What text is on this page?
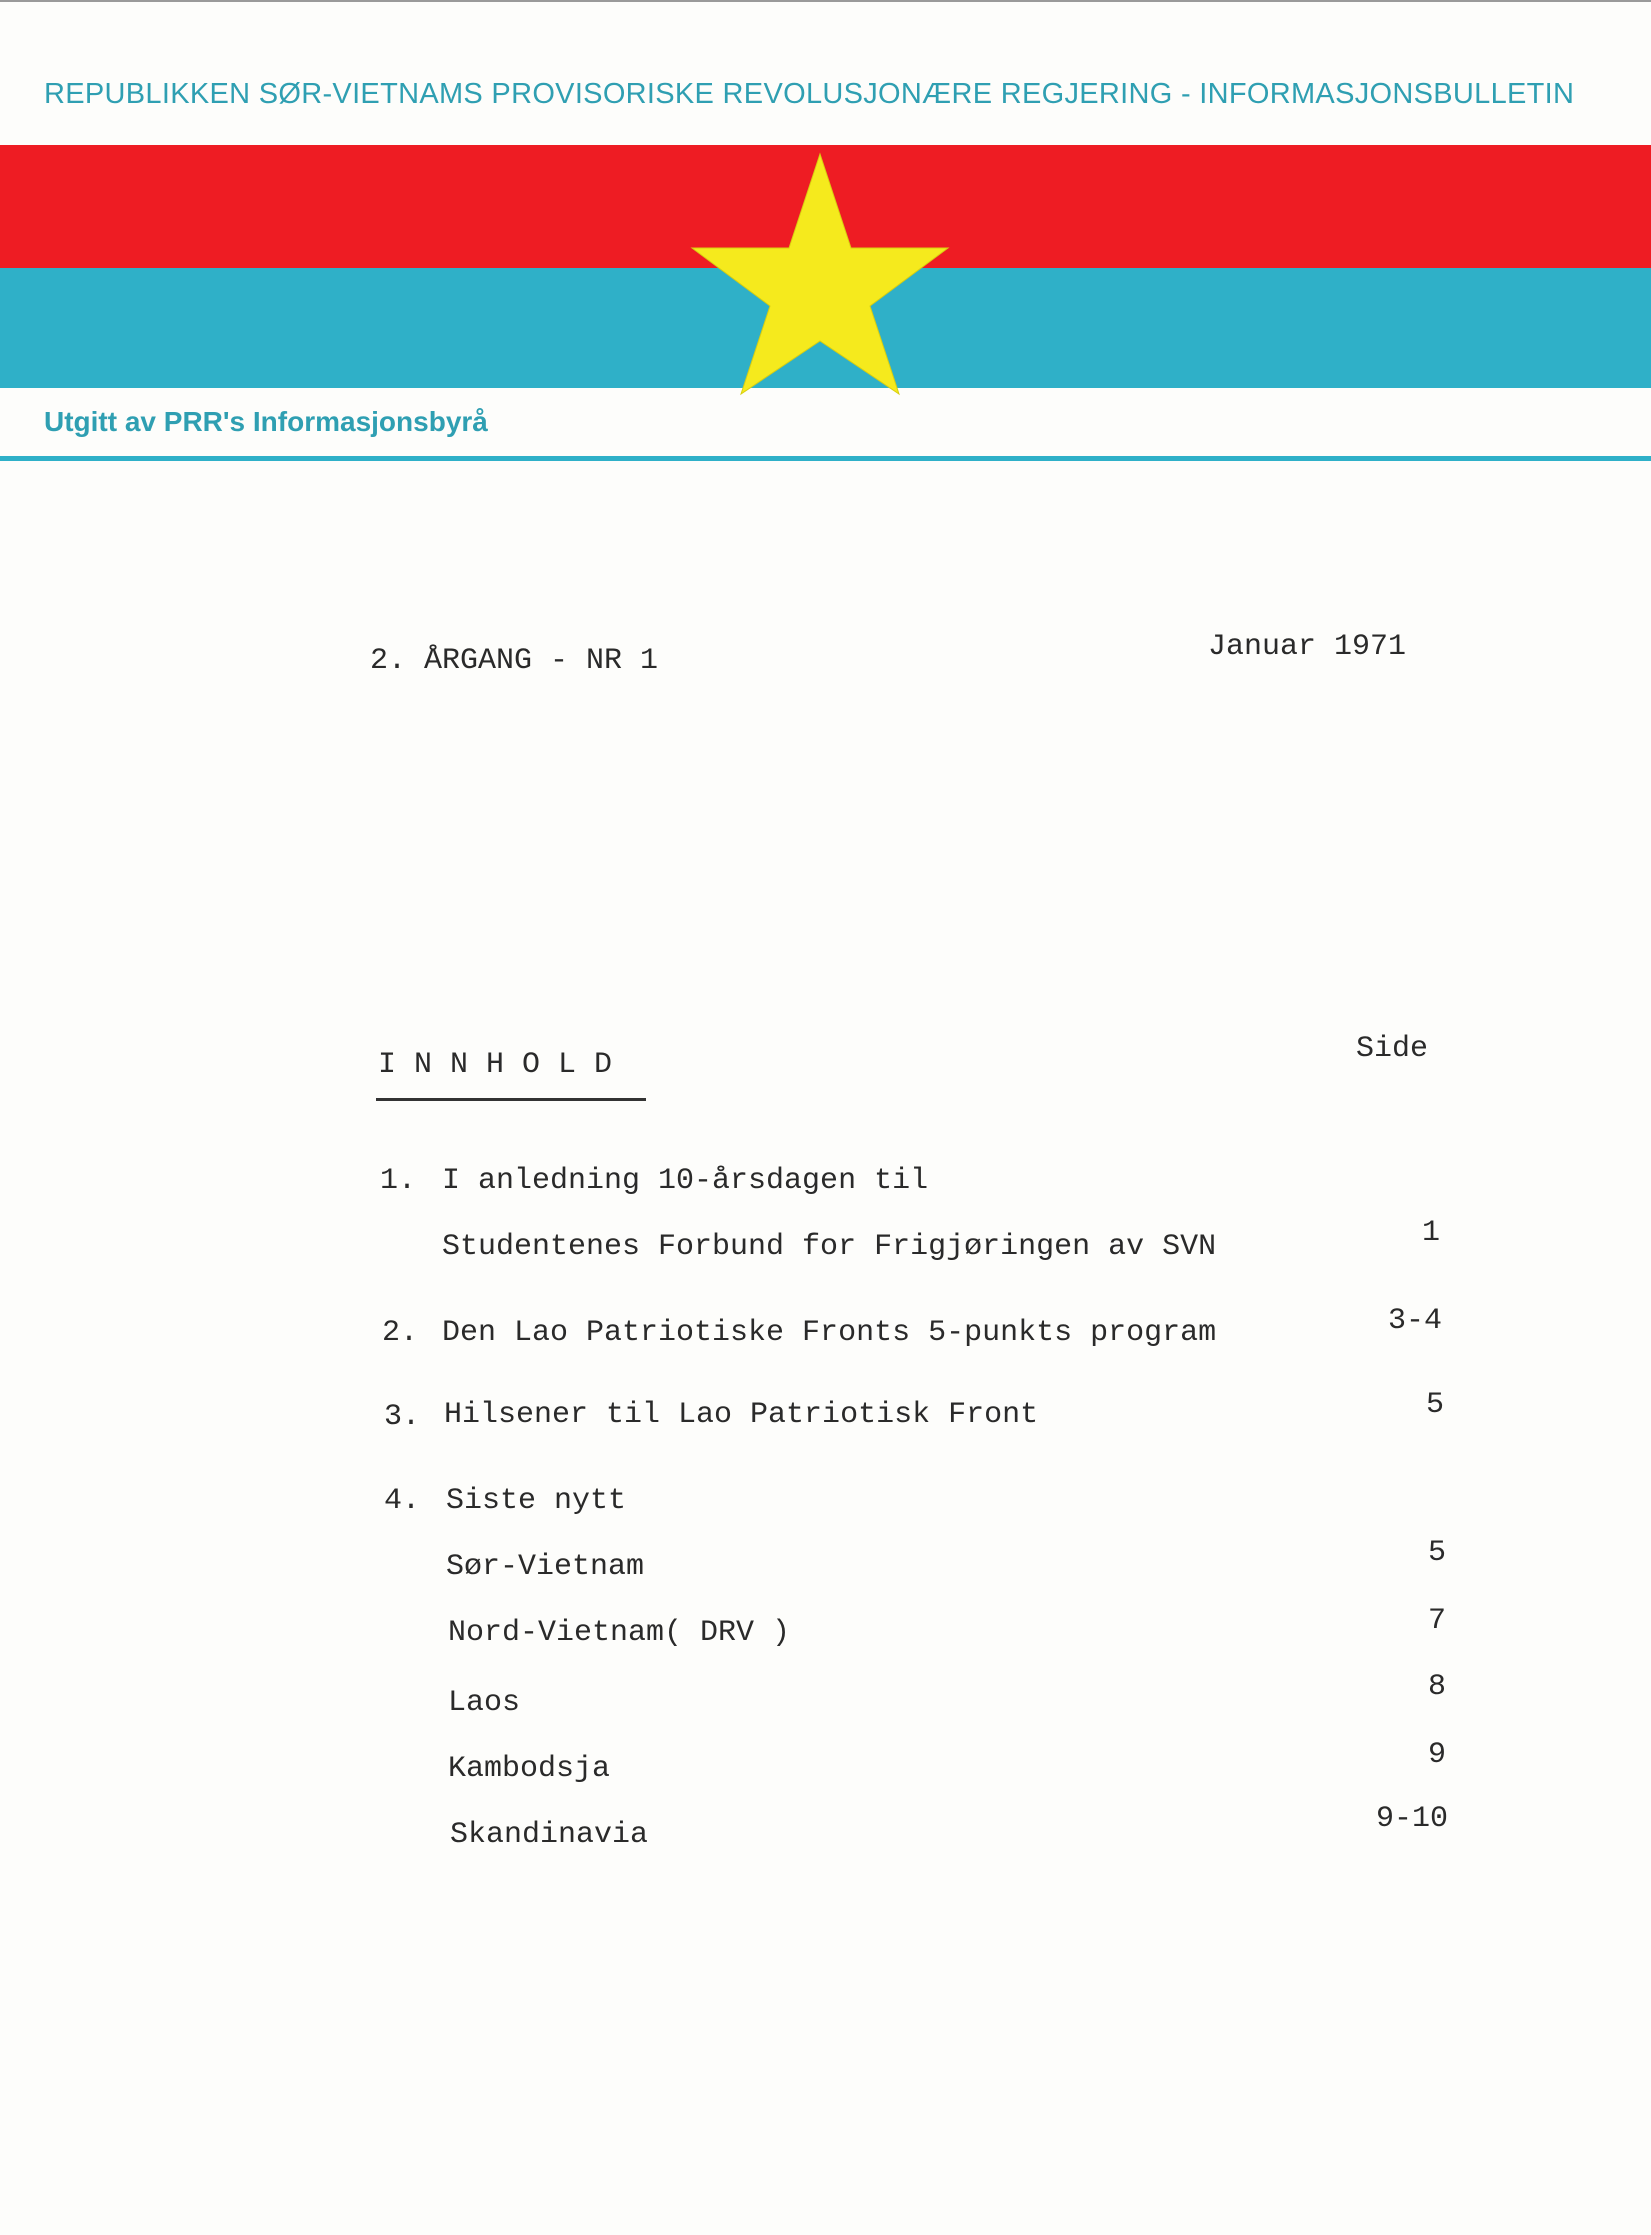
REPUBLIKKEN SØR-VIETNAMS PROVISORISKE REVOLUSJONÆRE REGJERING - INFORMASJONSBULLETIN
Utgitt av PRR's Informasjonsbyrå
2. ÅRGANG - NR 1	Januar 1971
INNHOLD	Side
1. I anledning 10-årsdagen til
Studentenes Forbund for Frigjøringen av SVN	1
2. Den Lao Patriotiske Fronts 5-punkts program	3-4
3. Hilsener til Lao Patriotisk Front	5
4. Siste nytt
Sør-Vietnam	5
Nord-Vietnam( DRV )	7
Laos	8
Kambodsja	9
Skandinavia	9-10
